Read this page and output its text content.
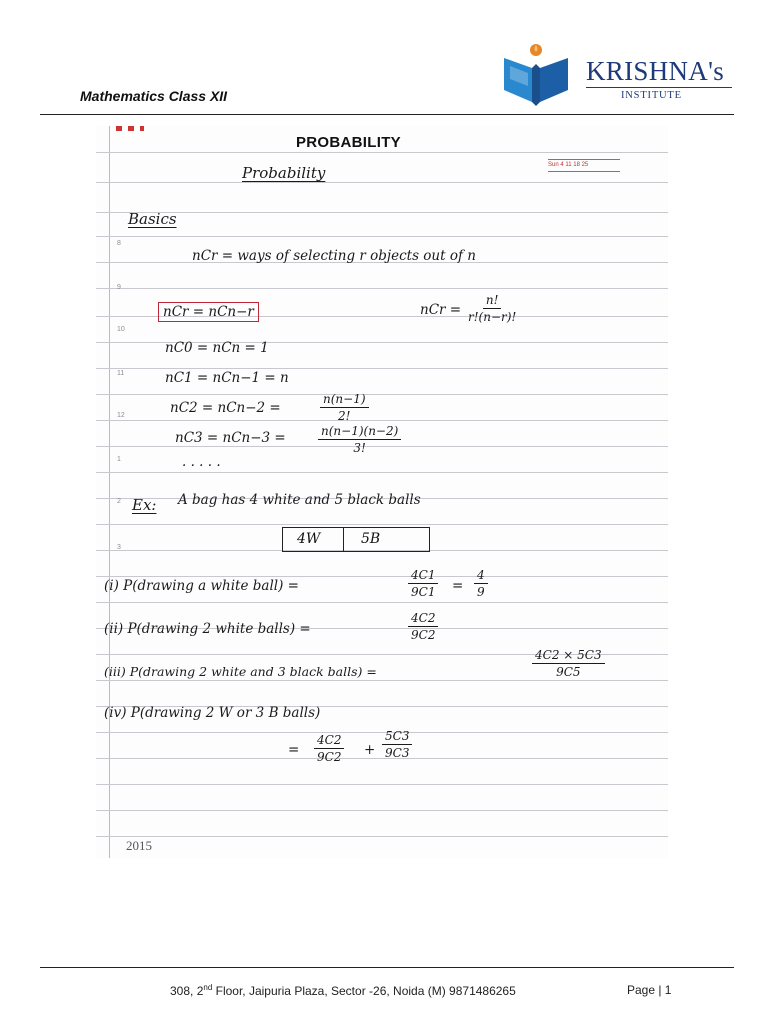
Mathematics Class XII
KRISHNA's
INSTITUTE
Sun 4 11 18 25
8
9
10
11
12
1
2
3
2015
PROBABILITY
Probability
Basics
nCr = ways of selecting r objects out of n
nCr = nCn−r	nCr = $\frac{n!}{r!(n-r)!}$
nC0 = nCn = 1
nC1 = nCn−1 = n
nC2 = nCn−2 =	$\frac{n(n-1)}{2!}$
nC3 = nCn−3 =	$\frac{n(n-1)(n-2)}{3!}$
· · · · ·
Ex: A bag has 4 white and 5 black balls
4W	5B
(i) P(drawing a white ball) =	$\frac{4C1}{9C1} = \frac{4}{9}$
(ii) P(drawing 2 white balls) =	$\frac{4C2}{9C2}$
(iii) P(drawing 2 white and 3 black balls) =	$\frac{4C2 \times 5C3}{9C5}$
(iv) P(drawing 2 W or 3 B balls)
= $\frac{4C2}{9C2} + \frac{5C3}{9C3}$
308, 2nd Floor, Jaipuria Plaza, Sector -26, Noida (M) 9871486265	Page | 1
